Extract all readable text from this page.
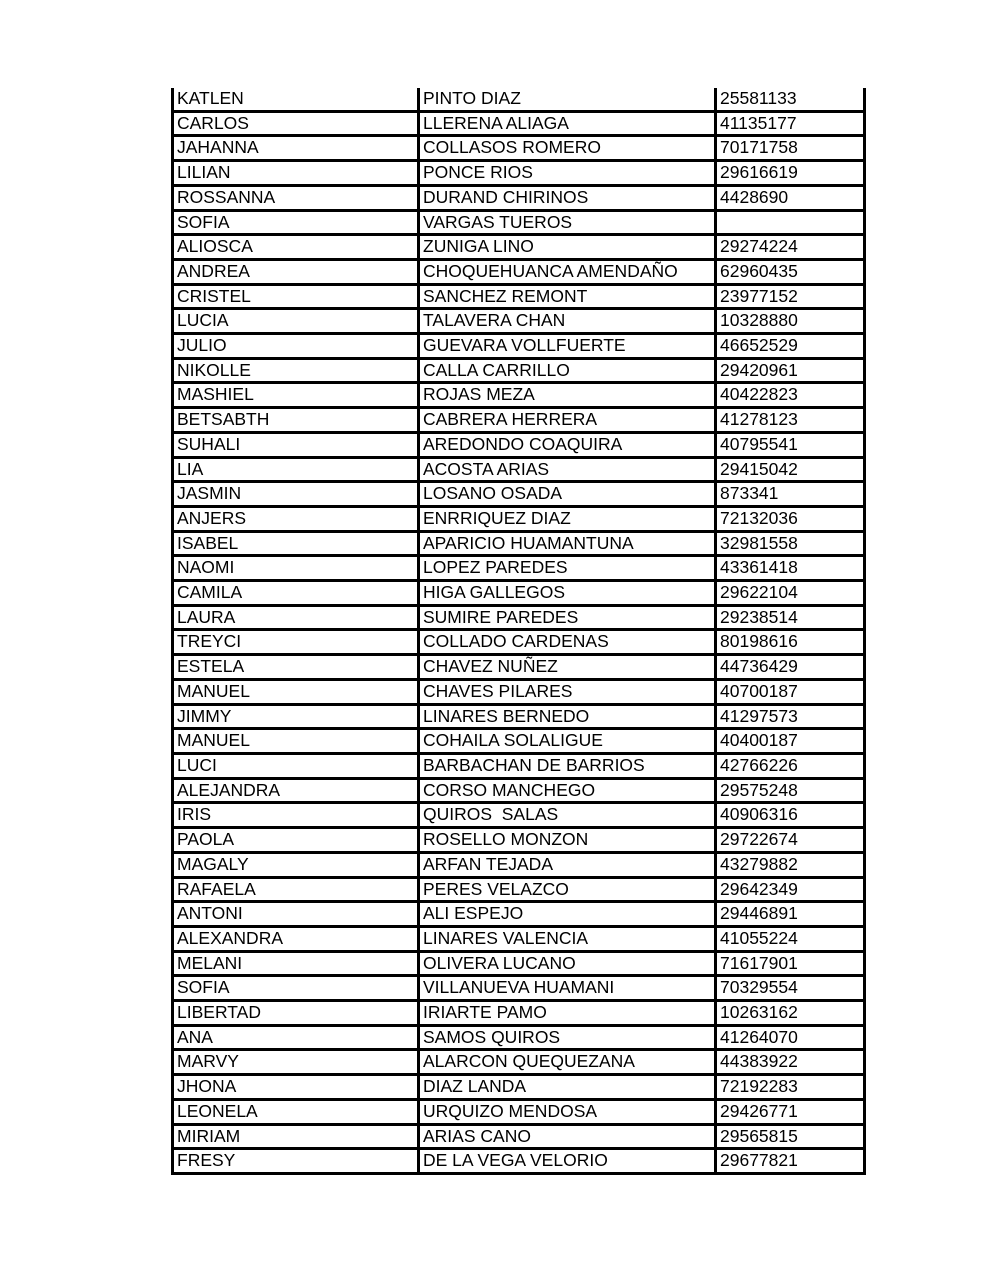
KATLEN	PINTO DIAZ	25581133
CARLOS	LLERENA ALIAGA	41135177
JAHANNA	COLLASOS ROMERO	70171758
LILIAN	PONCE RIOS	29616619
ROSSANNA	DURAND CHIRINOS	4428690
SOFIA	VARGAS TUEROS	
ALIOSCA	ZUNIGA LINO	29274224
ANDREA	CHOQUEHUANCA AMENDAÑO	62960435
CRISTEL	SANCHEZ REMONT	23977152
LUCIA	TALAVERA CHAN	10328880
JULIO	GUEVARA VOLLFUERTE	46652529
NIKOLLE	CALLA CARRILLO	29420961
MASHIEL	ROJAS MEZA	40422823
BETSABTH	CABRERA HERRERA	41278123
SUHALI	AREDONDO COAQUIRA	40795541
LIA	ACOSTA ARIAS	29415042
JASMIN	LOSANO OSADA	873341
ANJERS	ENRRIQUEZ DIAZ	72132036
ISABEL	APARICIO HUAMANTUNA	32981558
NAOMI	LOPEZ PAREDES	43361418
CAMILA	HIGA GALLEGOS	29622104
LAURA	SUMIRE PAREDES	29238514
TREYCI	COLLADO CARDENAS	80198616
ESTELA	CHAVEZ NUÑEZ	44736429
MANUEL	CHAVES PILARES	40700187
JIMMY	LINARES BERNEDO	41297573
MANUEL	COHAILA SOLALIGUE	40400187
LUCI	BARBACHAN DE BARRIOS	42766226
ALEJANDRA	CORSO MANCHEGO	29575248
IRIS	QUIROS  SALAS	40906316
PAOLA	ROSELLO MONZON	29722674
MAGALY	ARFAN TEJADA	43279882
RAFAELA	PERES VELAZCO	29642349
ANTONI	ALI ESPEJO	29446891
ALEXANDRA	LINARES VALENCIA	41055224
MELANI	OLIVERA LUCANO	71617901
SOFIA	VILLANUEVA HUAMANI	70329554
LIBERTAD	IRIARTE PAMO	10263162
ANA	SAMOS QUIROS	41264070
MARVY	ALARCON QUEQUEZANA	44383922
JHONA	DIAZ LANDA	72192283
LEONELA	URQUIZO MENDOSA	29426771
MIRIAM	ARIAS CANO	29565815
FRESY	DE LA VEGA VELORIO	29677821
